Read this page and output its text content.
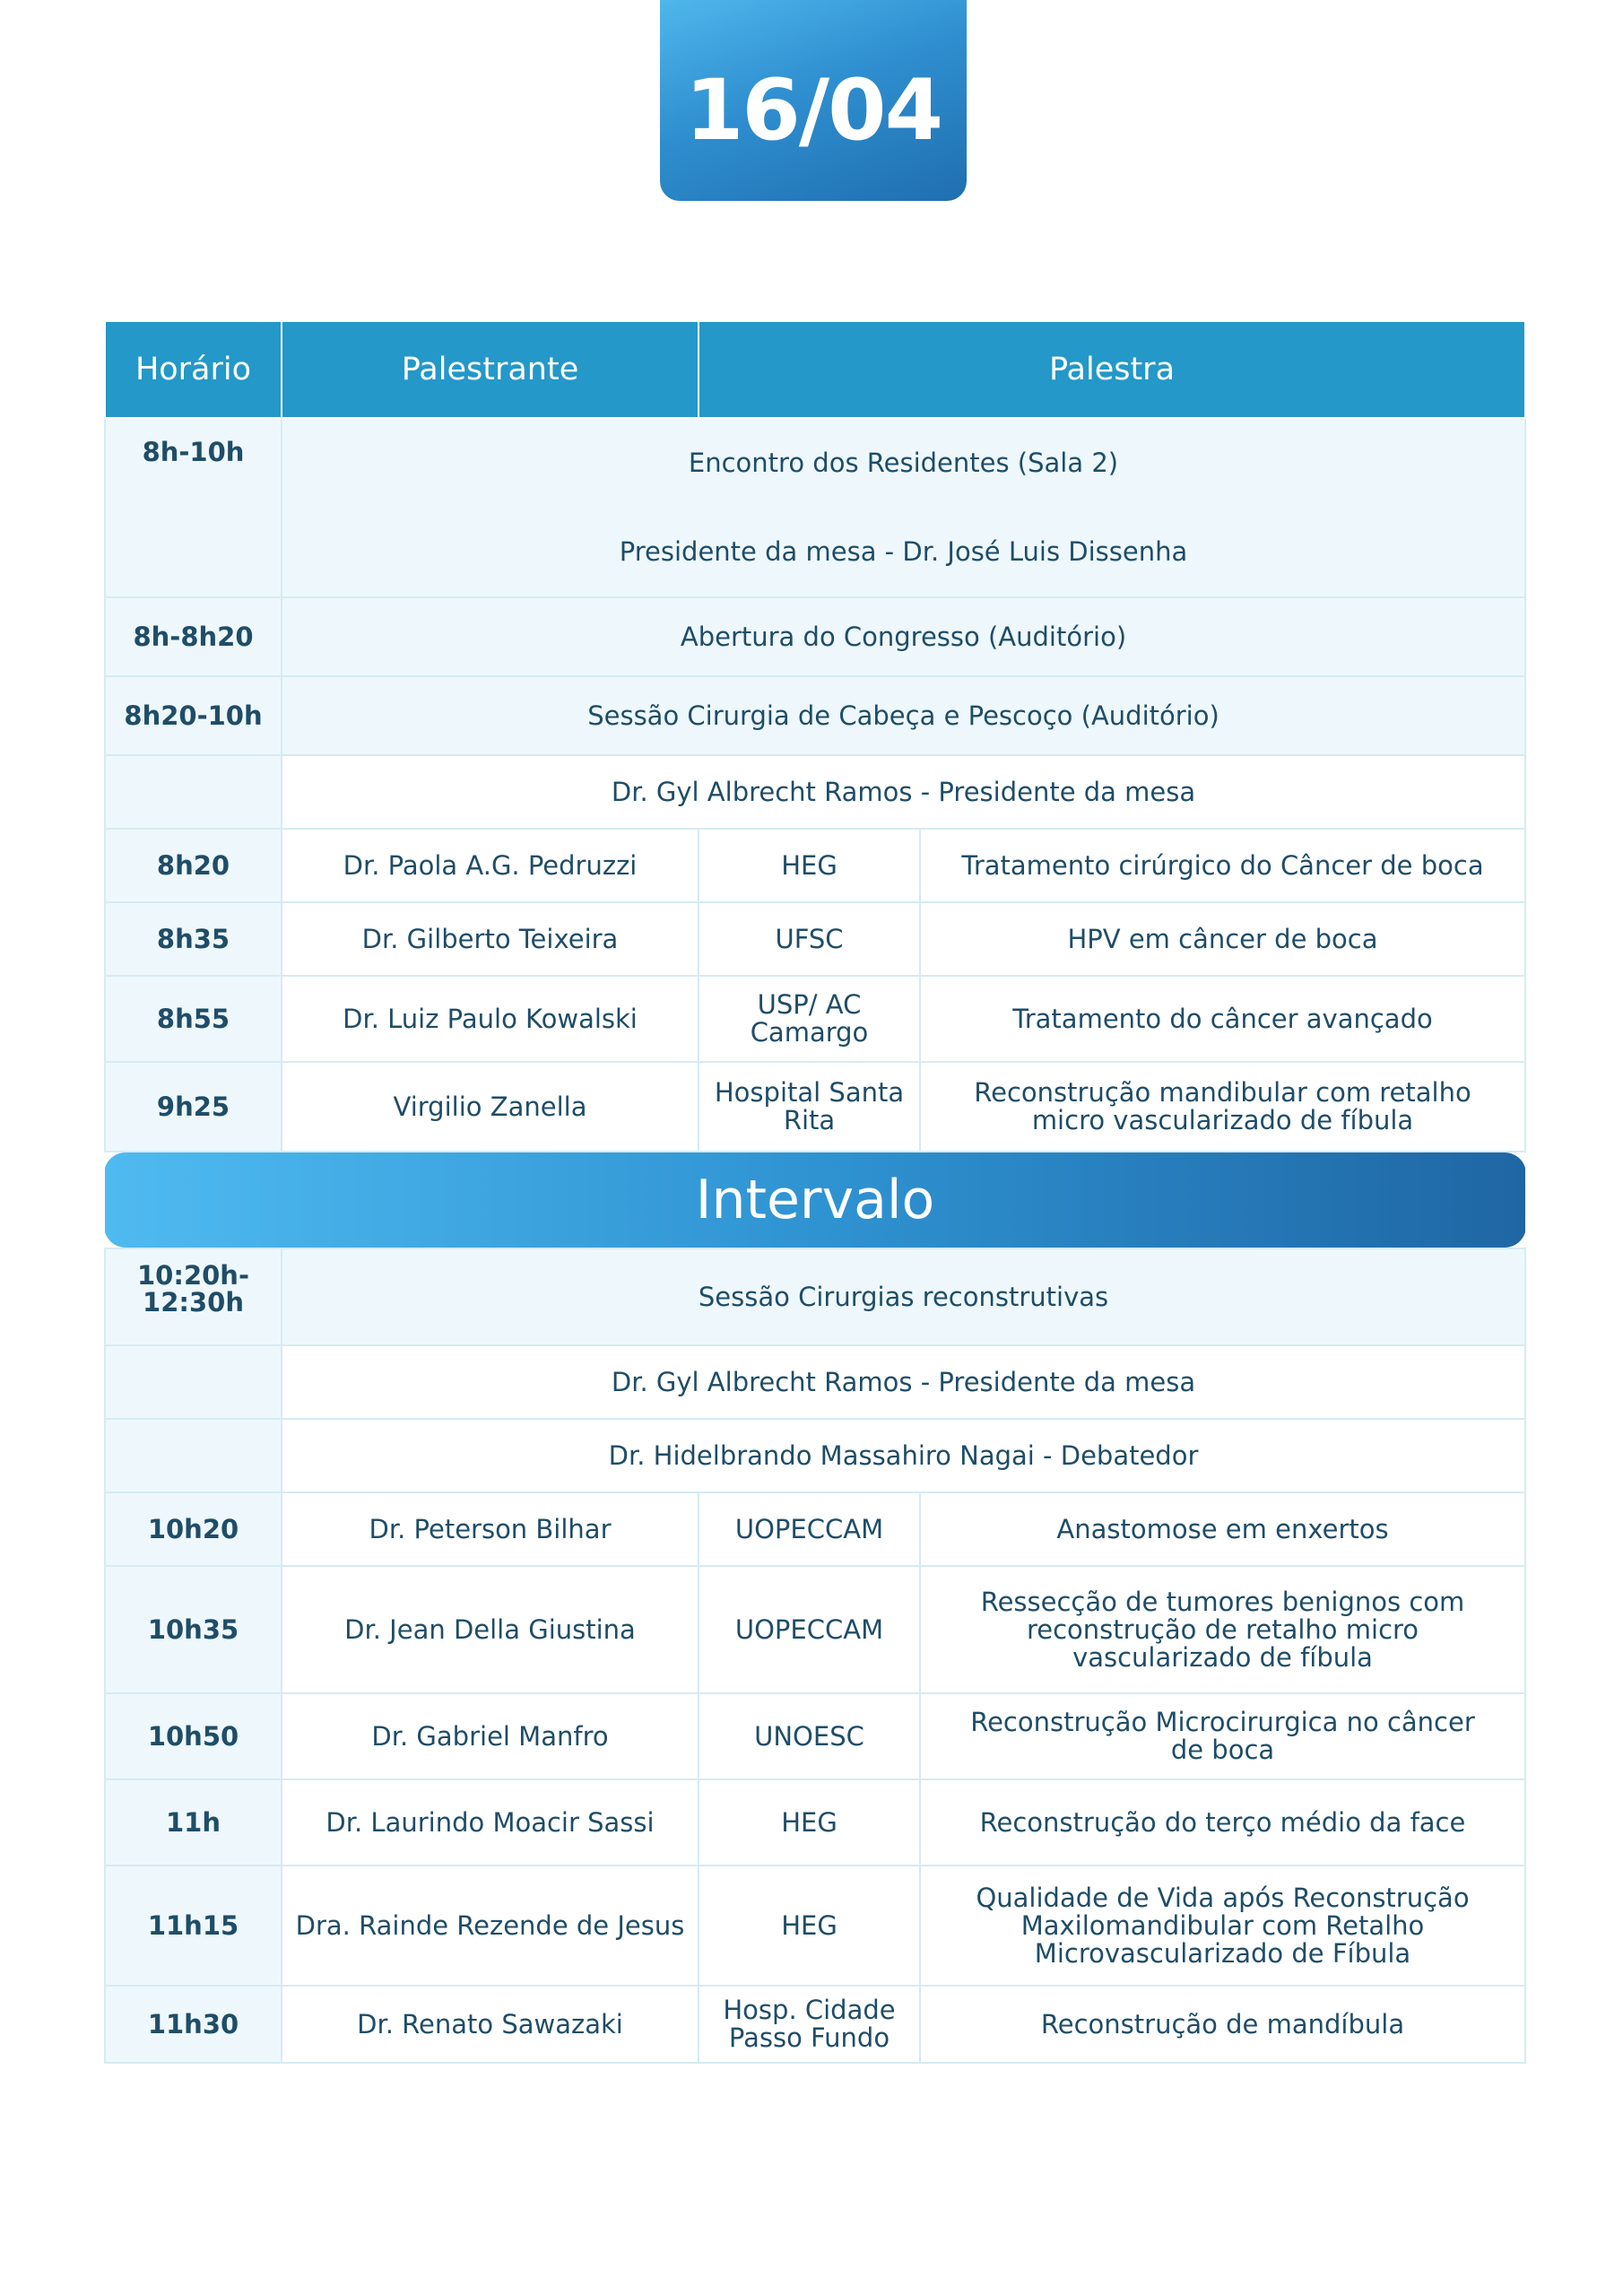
16/04
Horário	Palestrante	Palestra	
8h-10h	Encontro dos Residentes (Sala 2)
Presidente da mesa - Dr. José Luis Dissenha		

8h-8h20	Abertura do Congresso (Auditório)		
8h20-10h	Sessão Cirurgia de Cabeça e Pescoço (Auditório)		
	Dr. Gyl Albrecht Ramos - Presidente da mesa		
8h20	Dr. Paola A.G. Pedruzzi	HEG	Tratamento cirúrgico do Câncer de boca
8h35	Dr. Gilberto Teixeira	UFSC	HPV em câncer de boca
8h55	Dr. Luiz Paulo Kowalski	USP/ AC Camargo	Tratamento do câncer avançado
9h25	Virgilio Zanella	Hospital Santa Rita	Reconstrução mandibular com retalho micro vascularizado de fíbula

Intervalo			

10:20h-12:30h	Sessão Cirurgias reconstrutivas		
	Dr. Gyl Albrecht Ramos - Presidente da mesa		
	Dr. Hidelbrando Massahiro Nagai - Debatedor		
10h20	Dr. Peterson Bilhar	UOPECCAM	Anastomose em enxertos
10h35	Dr. Jean Della Giustina	UOPECCAM	Ressecção de tumores benignos com reconstrução de retalho micro vascularizado de fíbula
10h50	Dr. Gabriel Manfro	UNOESC	Reconstrução Microcirurgica no câncer de boca
11h	Dr. Laurindo Moacir Sassi	HEG	Reconstrução do terço médio da face
11h15	Dra. Rainde Rezende de Jesus	HEG	Qualidade de Vida após Reconstrução Maxilomandibular com Retalho Microvascularizado de Fíbula
11h30	Dr. Renato Sawazaki	Hosp. Cidade Passo Fundo	Reconstrução de mandíbula
